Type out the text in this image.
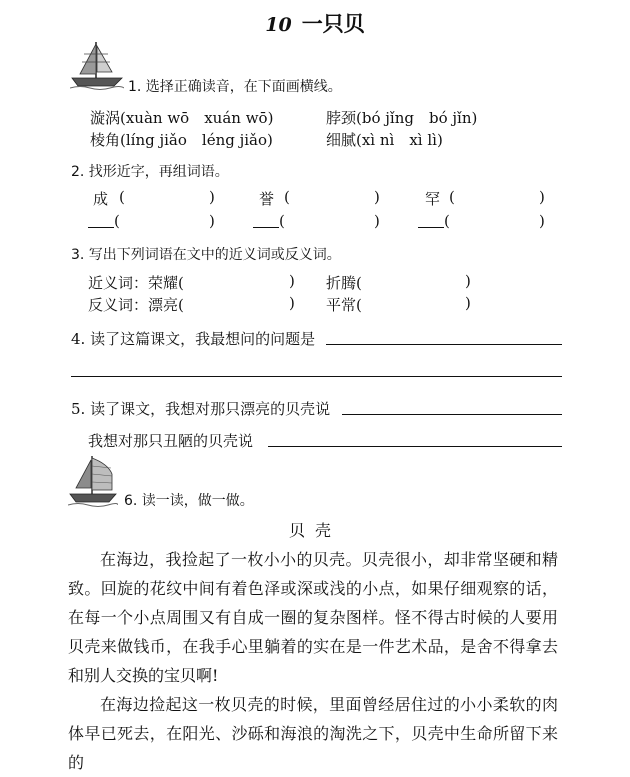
10 一只贝
1. 选择正确读音，在下面画横线。
漩涡(xuàn wō　xuán wō)	脖颈(bó jǐng　bó jǐn)
棱角(líng jiǎo　léng jiǎo)	细腻(xì nì　xì lì)
2. 找形近字，再组词语。
成 (	)	誉 (	)	罕 (	)
(	)	(	)	(	)
3. 写出下列词语在文中的近义词或反义词。
近义词：荣耀(	) 折腾(	)
反义词：漂亮(	) 平常(	)
4. 读了这篇课文，我最想问的问题是
5. 读了课文，我想对那只漂亮的贝壳说
我想对那只丑陋的贝壳说
6. 读一读，做一做。
贝壳

在海边，我捡起了一枚小小的贝壳。贝壳很小，却非常坚硬和精致。回旋的花纹中间有着色泽或深或浅的小点，如果仔细观察的话，在每一个小点周围又有自成一圈的复杂图样。怪不得古时候的人要用贝壳来做钱币，在我手心里躺着的实在是一件艺术品，是舍不得拿去和别人交换的宝贝啊!

在海边捡起这一枚贝壳的时候，里面曾经居住过的小小柔软的肉体早已死去，在阳光、沙砾和海浪的淘洗之下，贝壳中生命所留下来的
